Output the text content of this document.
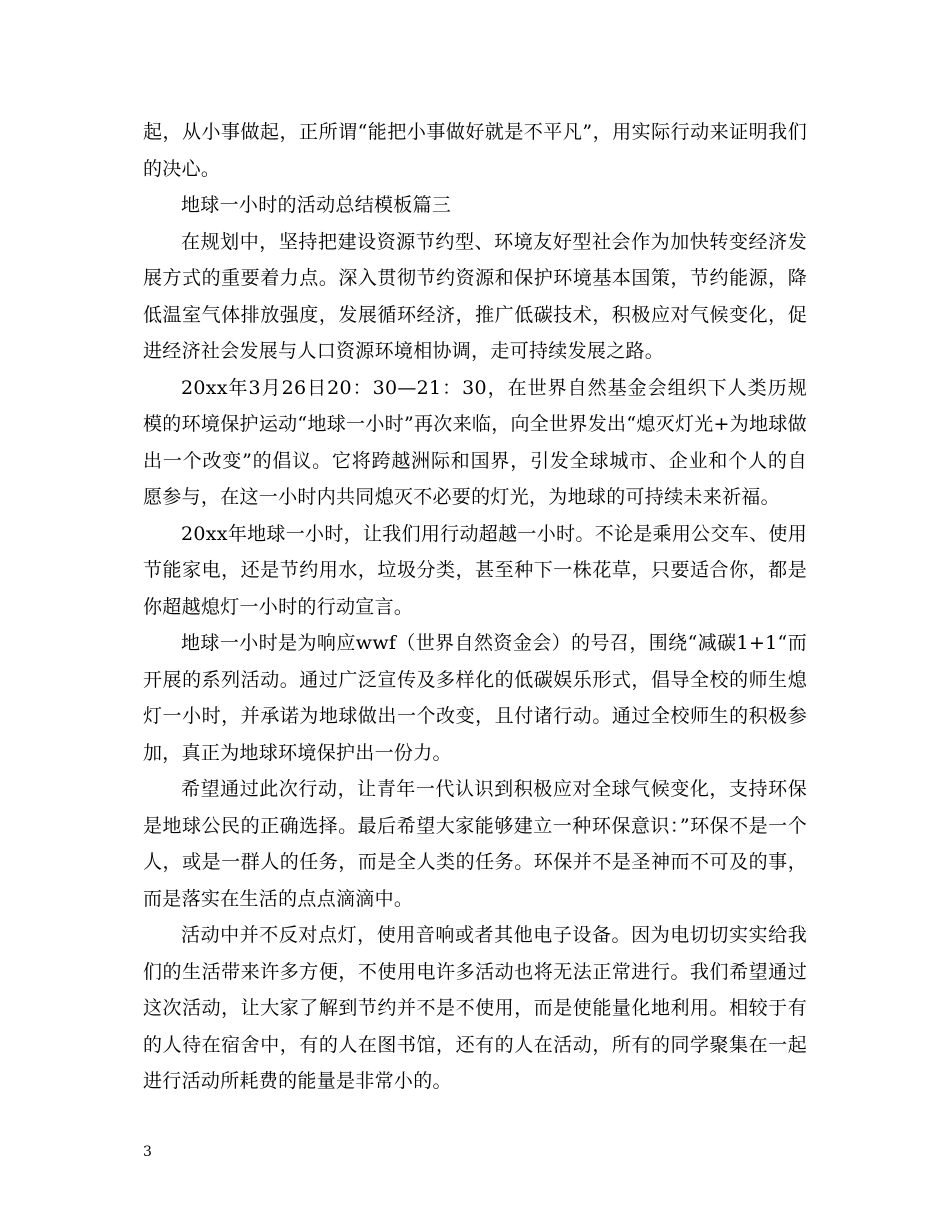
起，从小事做起，正所谓“能把小事做好就是不平凡”，用实际行动来证明我们的决心。

地球一小时的活动总结模板篇三

在规划中，坚持把建设资源节约型、环境友好型社会作为加快转变经济发展方式的重要着力点。深入贯彻节约资源和保护环境基本国策，节约能源，降低温室气体排放强度，发展循环经济，推广低碳技术，积极应对气候变化，促进经济社会发展与人口资源环境相协调，走可持续发展之路。

20xx年3月26日20：30—21：30，在世界自然基金会组织下人类历规模的环境保护运动“地球一小时”再次来临，向全世界发出“熄灭灯光+为地球做出一个改变”的倡议。它将跨越洲际和国界，引发全球城市、企业和个人的自愿参与，在这一小时内共同熄灭不必要的灯光，为地球的可持续未来祈福。

20xx年地球一小时，让我们用行动超越一小时。不论是乘用公交车、使用节能家电，还是节约用水，垃圾分类，甚至种下一株花草，只要适合你，都是你超越熄灯一小时的行动宣言。

地球一小时是为响应wwf（世界自然资金会）的号召，围绕“减碳1+1“而开展的系列活动。通过广泛宣传及多样化的低碳娱乐形式，倡导全校的师生熄灯一小时，并承诺为地球做出一个改变，且付诸行动。通过全校师生的积极参加，真正为地球环境保护出一份力。

希望通过此次行动，让青年一代认识到积极应对全球气候变化，支持环保是地球公民的正确选择。最后希望大家能够建立一种环保意识：”环保不是一个人，或是一群人的任务，而是全人类的任务。环保并不是圣神而不可及的事，而是落实在生活的点点滴滴中。

活动中并不反对点灯，使用音响或者其他电子设备。因为电切切实实给我们的生活带来许多方便，不使用电许多活动也将无法正常进行。我们希望通过这次活动，让大家了解到节约并不是不使用，而是使能量化地利用。相较于有的人待在宿舍中，有的人在图书馆，还有的人在活动，所有的同学聚集在一起进行活动所耗费的能量是非常小的。

3
